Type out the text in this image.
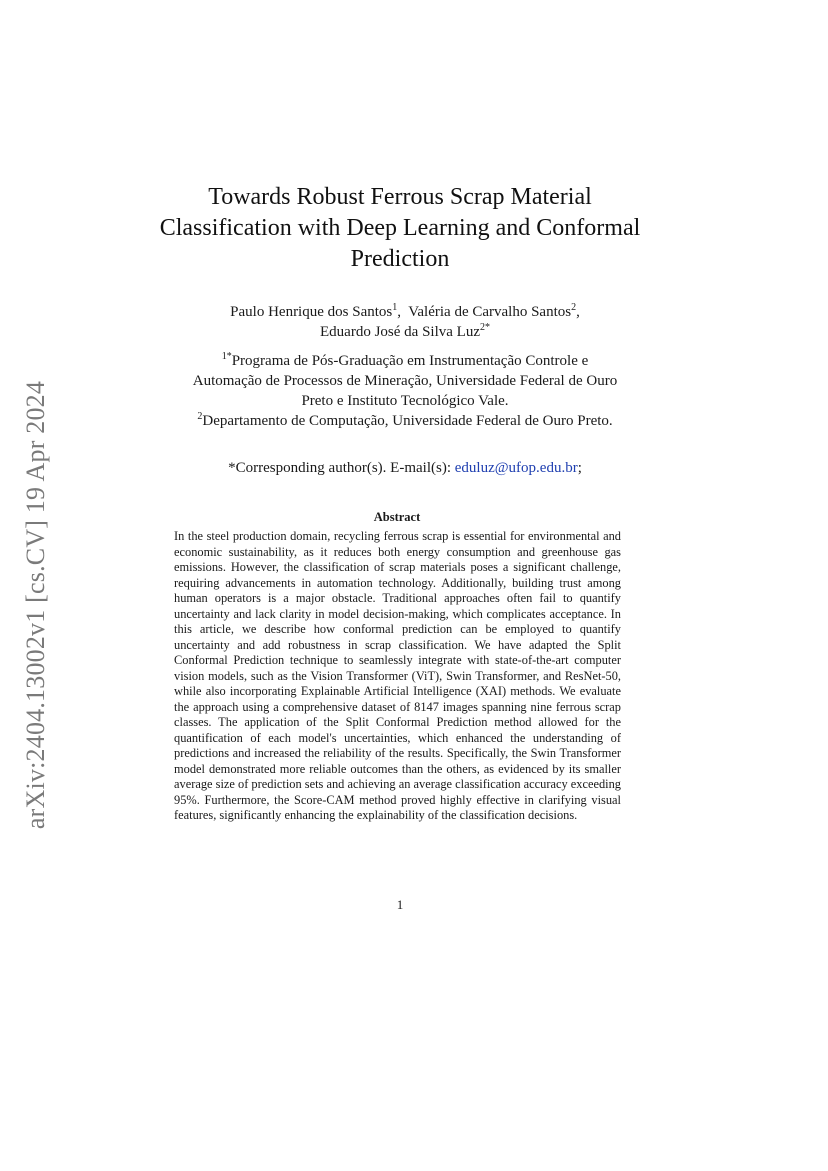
arXiv:2404.13002v1 [cs.CV] 19 Apr 2024
Towards Robust Ferrous Scrap Material
Classification with Deep Learning and Conformal
Prediction
Paulo Henrique dos Santos$^1$,  Valéria de Carvalho Santos$^2$,
Eduardo José da Silva Luz$^{2*}$
$^{1*}$Programa de Pós-Graduação em Instrumentação Controle e
Automação de Processos de Mineração, Universidade Federal de Ouro
Preto e Instituto Tecnológico Vale.
$^2$Departamento de Computação, Universidade Federal de Ouro Preto.
*Corresponding author(s). E-mail(s): eduluz@ufop.edu.br;
Abstract
In the steel production domain, recycling ferrous scrap is essential for environmental and economic sustainability, as it reduces both energy consumption and greenhouse gas emissions. However, the classification of scrap materials poses a significant challenge, requiring advancements in automation technology. Additionally, building trust among human operators is a major obstacle. Traditional approaches often fail to quantify uncertainty and lack clarity in model decision-making, which complicates acceptance. In this article, we describe how conformal prediction can be employed to quantify uncertainty and add robustness in scrap classification. We have adapted the Split Conformal Prediction technique to seamlessly integrate with state-of-the-art computer vision models, such as the Vision Transformer (ViT), Swin Transformer, and ResNet-50, while also incorporating Explainable Artificial Intelligence (XAI) methods. We evaluate the approach using a comprehensive dataset of 8147 images spanning nine ferrous scrap classes. The application of the Split Conformal Prediction method allowed for the quantification of each model's uncertainties, which enhanced the understanding of predictions and increased the reliability of the results. Specifically, the Swin Transformer model demonstrated more reliable outcomes than the others, as evidenced by its smaller average size of prediction sets and achieving an average classification accuracy exceeding 95%. Furthermore, the Score-CAM method proved highly effective in clarifying visual features, significantly enhancing the explainability of the classification decisions.
1
